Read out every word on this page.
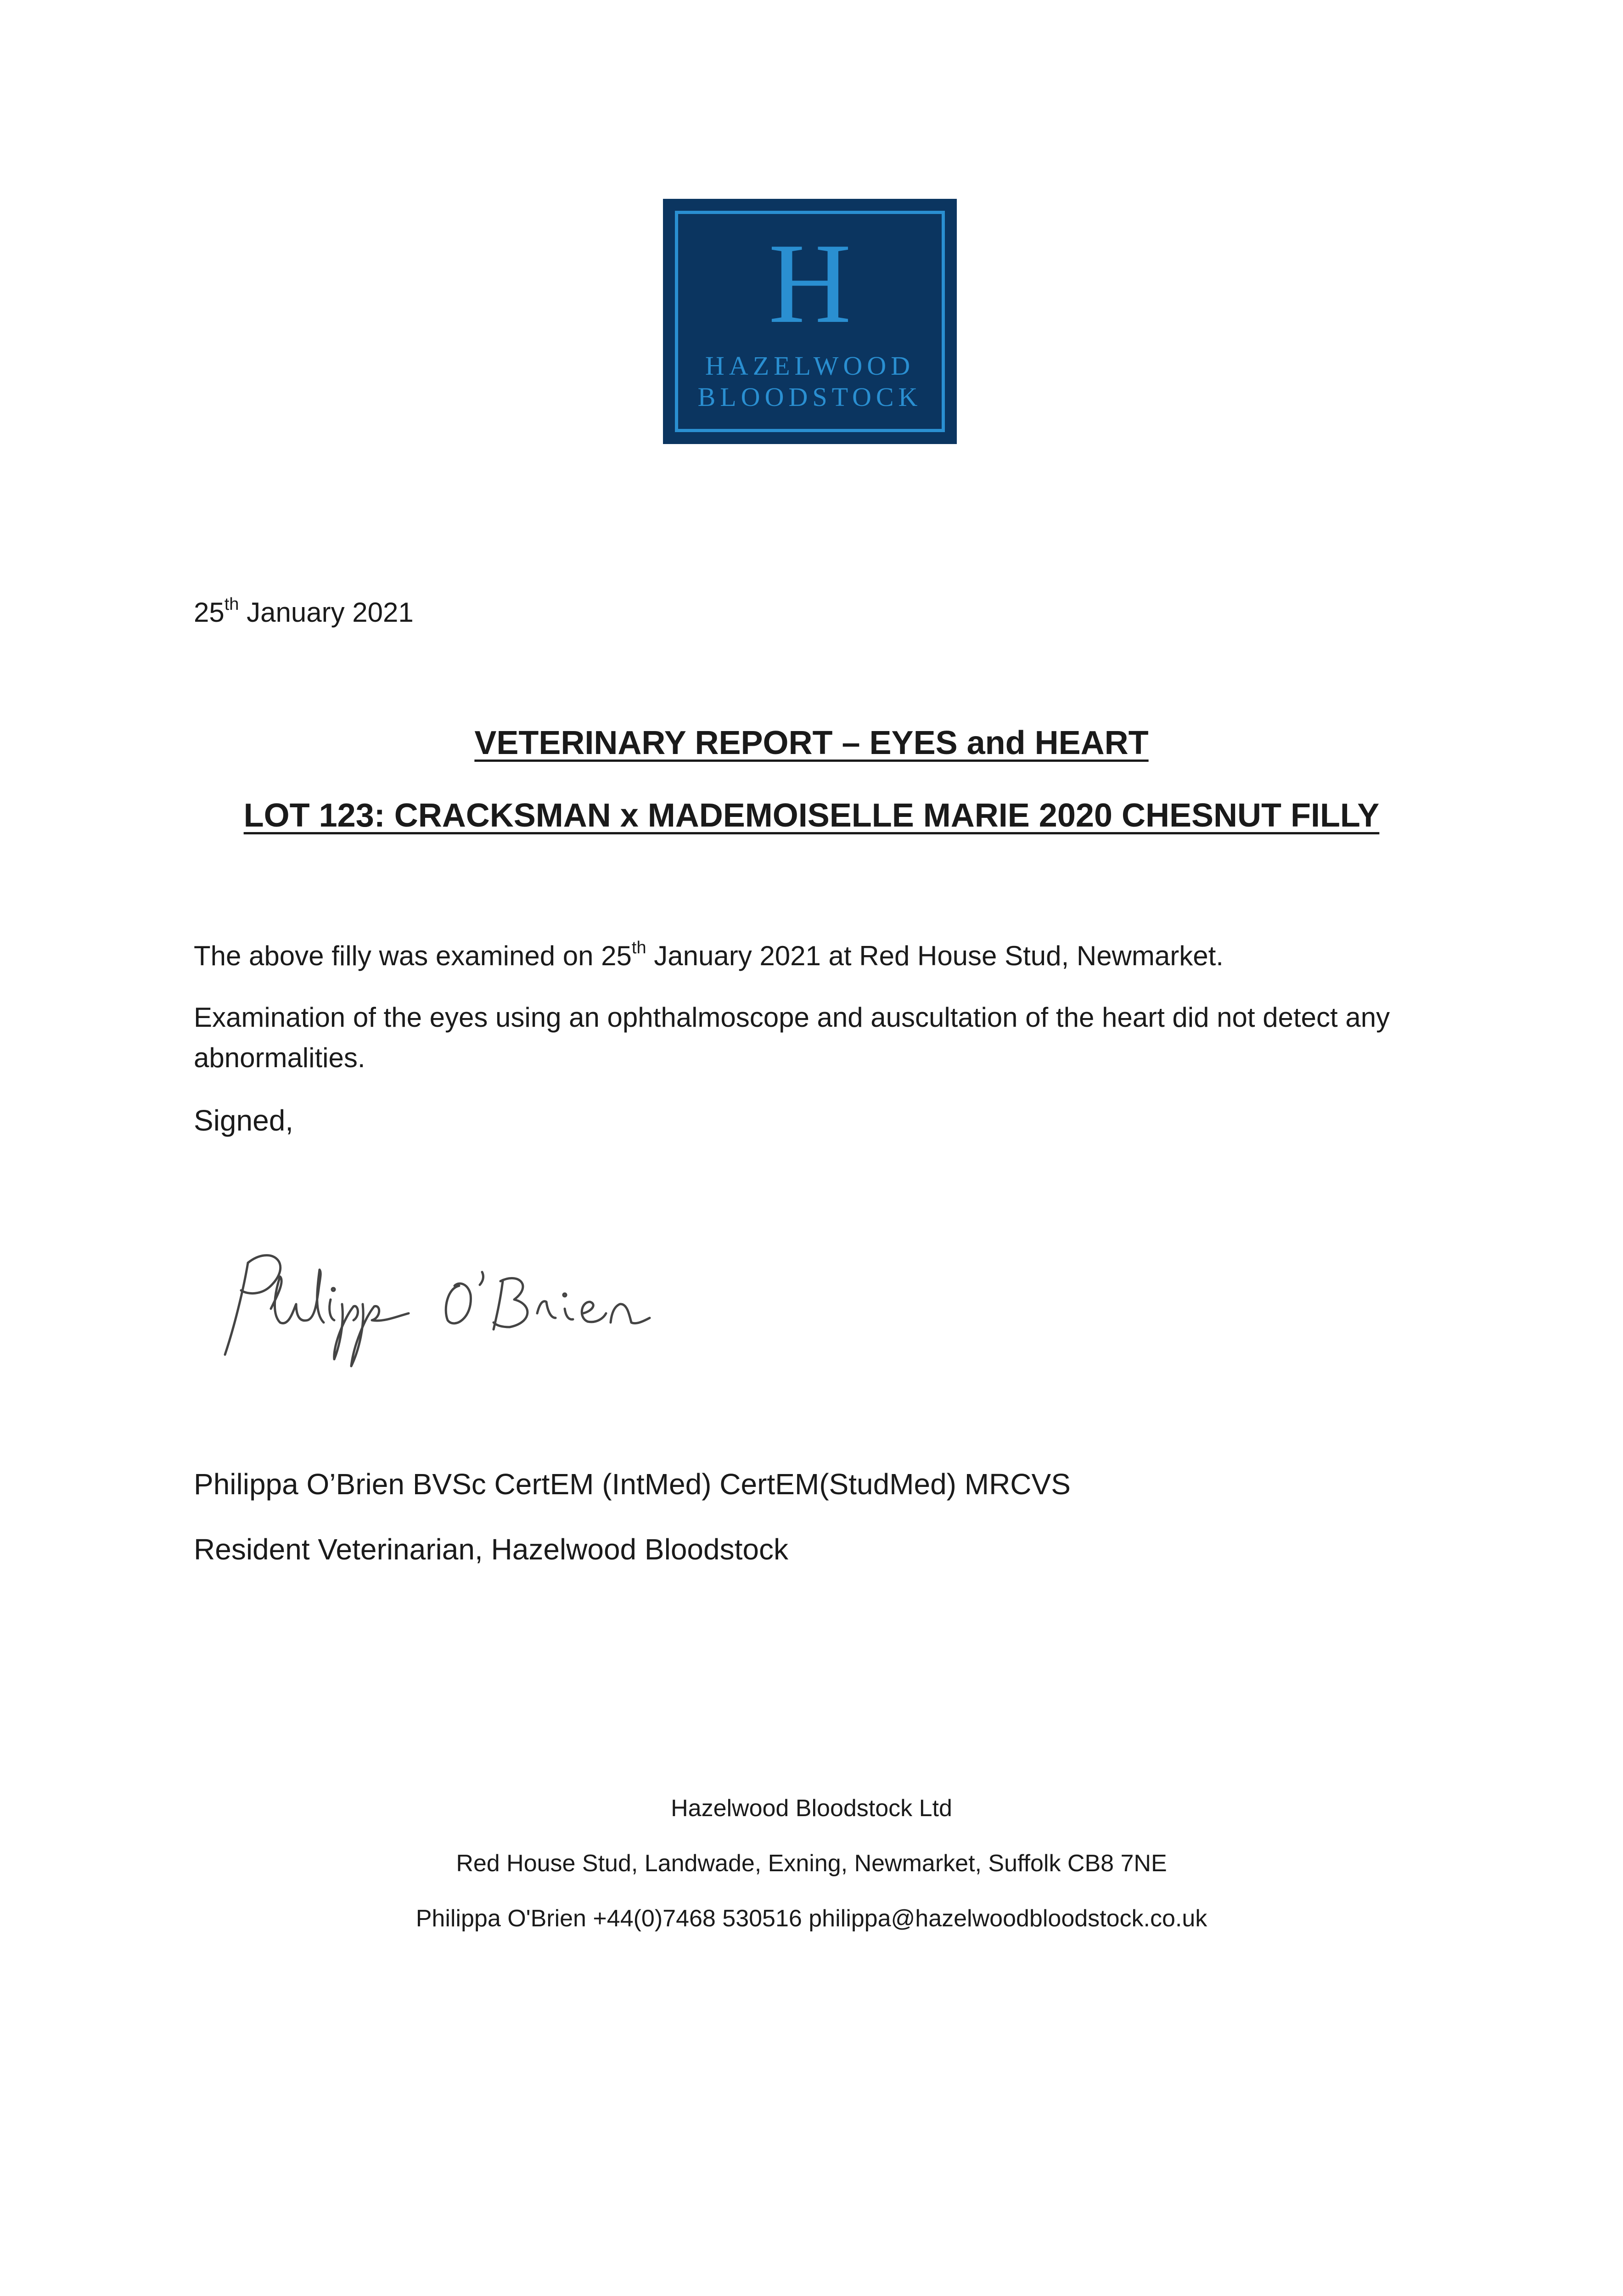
H
HAZELWOOD
BLOODSTOCK
25th January 2021
VETERINARY REPORT – EYES and HEART
LOT 123: CRACKSMAN x MADEMOISELLE MARIE 2020 CHESNUT FILLY
The above filly was examined on 25th January 2021 at Red House Stud, Newmarket.
Examination of the eyes using an ophthalmoscope and auscultation of the heart did not detect any abnormalities.
Signed,
Philippa O’Brien BVSc CertEM (IntMed) CertEM(StudMed) MRCVS
Resident Veterinarian, Hazelwood Bloodstock
Hazelwood Bloodstock Ltd
Red House Stud, Landwade, Exning, Newmarket, Suffolk CB8 7NE
Philippa O'Brien +44(0)7468 530516 philippa@hazelwoodbloodstock.co.uk
